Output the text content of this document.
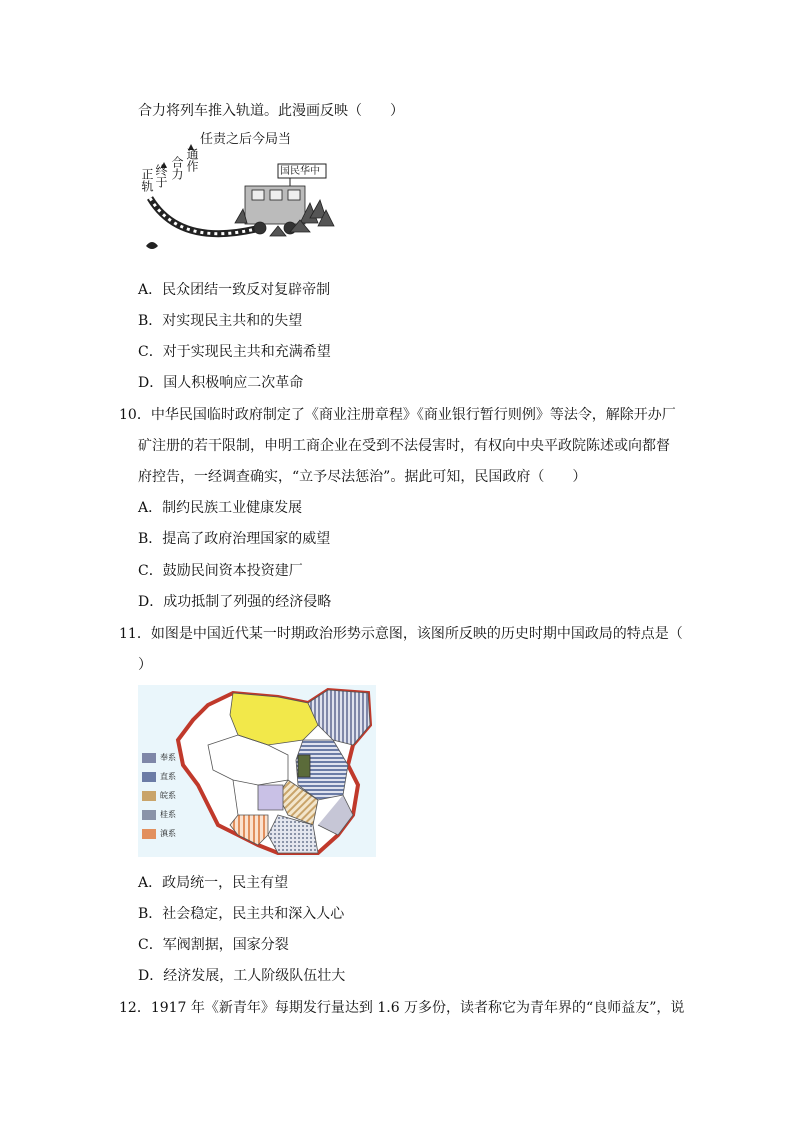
合力将列车推入轨道。此漫画反映（　　）
任责之后今局当
正轨 终于 合力 通作	国民华中
A．民众团结一致反对复辟帝制
B．对实现民主共和的失望
C．对于实现民主共和充满希望
D．国人积极响应二次革命
10．中华民国临时政府制定了《商业注册章程》《商业银行暂行则例》等法令，解除开办厂
矿注册的若干限制，申明工商企业在受到不法侵害时，有权向中央平政院陈述或向都督
府控告，一经调查确实，“立予尽法惩治”。据此可知，民国政府（　　）
A．制约民族工业健康发展
B．提高了政府治理国家的威望
C．鼓励民间资本投资建厂
D．成功抵制了列强的经济侵略
11．如图是中国近代某一时期政治形势示意图，该图所反映的历史时期中国政局的特点是（
）
奉系
直系
皖系
桂系
滇系
A．政局统一，民主有望
B．社会稳定，民主共和深入人心
C．军阀割据，国家分裂
D．经济发展，工人阶级队伍壮大
12．1917 年《新青年》每期发行量达到 1.6 万多份，读者称它为青年界的“良师益友”，说
